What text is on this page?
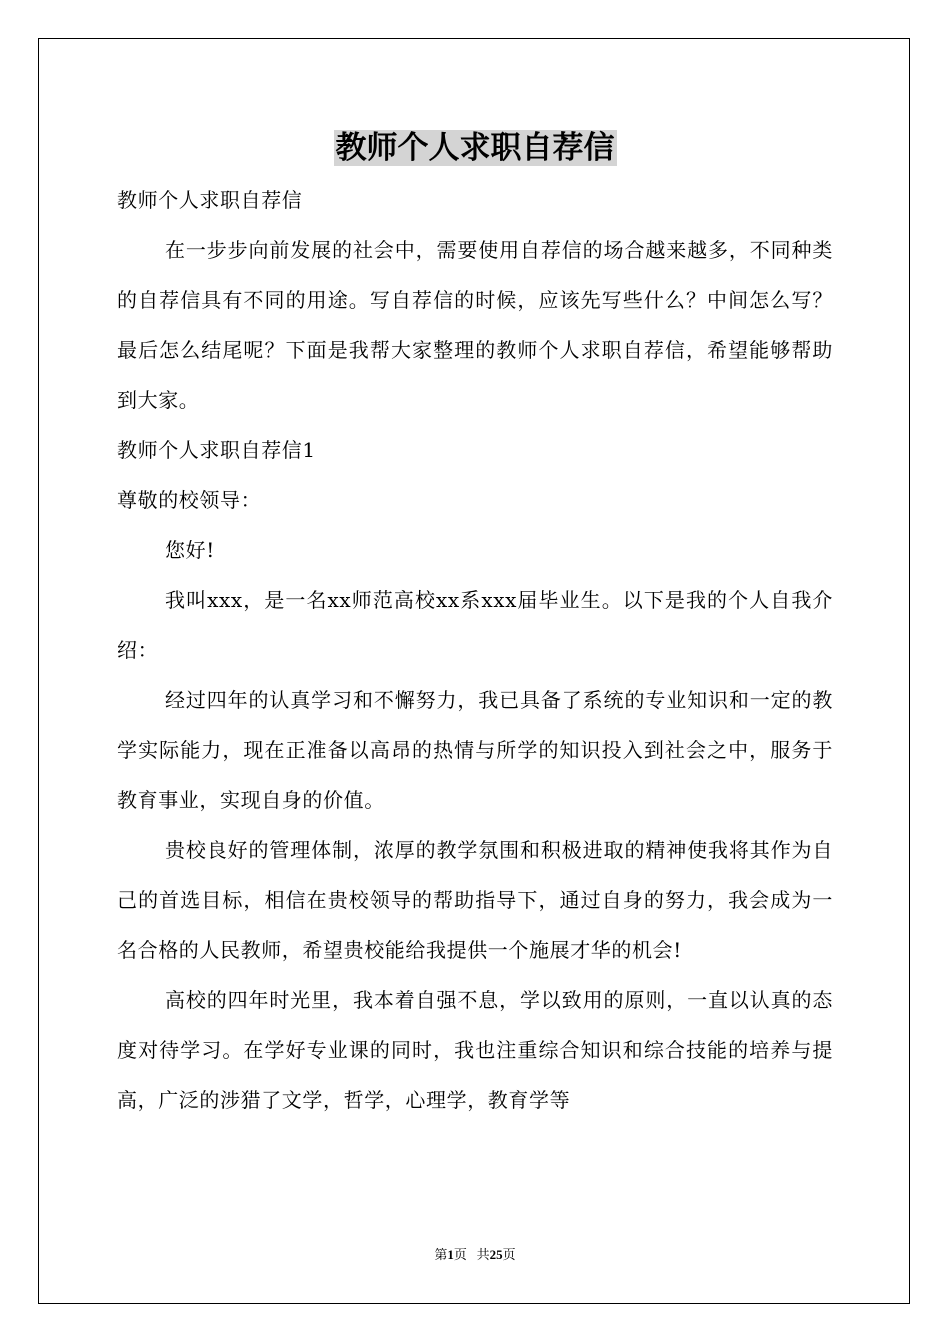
教师个人求职自荐信

教师个人求职自荐信

在一步步向前发展的社会中，需要使用自荐信的场合越来越多，不同种类的自荐信具有不同的用途。写自荐信的时候，应该先写些什么？中间怎么写？最后怎么结尾呢？下面是我帮大家整理的教师个人求职自荐信，希望能够帮助到大家。

教师个人求职自荐信1

尊敬的校领导：

您好!

我叫xxx，是一名xx师范高校xx系xxx届毕业生。以下是我的个人自我介绍：

经过四年的认真学习和不懈努力，我已具备了系统的专业知识和一定的教学实际能力，现在正准备以高昂的热情与所学的知识投入到社会之中，服务于教育事业，实现自身的价值。

贵校良好的管理体制，浓厚的教学氛围和积极进取的精神使我将其作为自己的首选目标，相信在贵校领导的帮助指导下，通过自身的努力，我会成为一名合格的人民教师，希望贵校能给我提供一个施展才华的机会!

高校的四年时光里，我本着自强不息，学以致用的原则，一直以认真的态度对待学习。在学好专业课的同时，我也注重综合知识和综合技能的培养与提高，广泛的涉猎了文学，哲学，心理学，教育学等

第1页 共25页
